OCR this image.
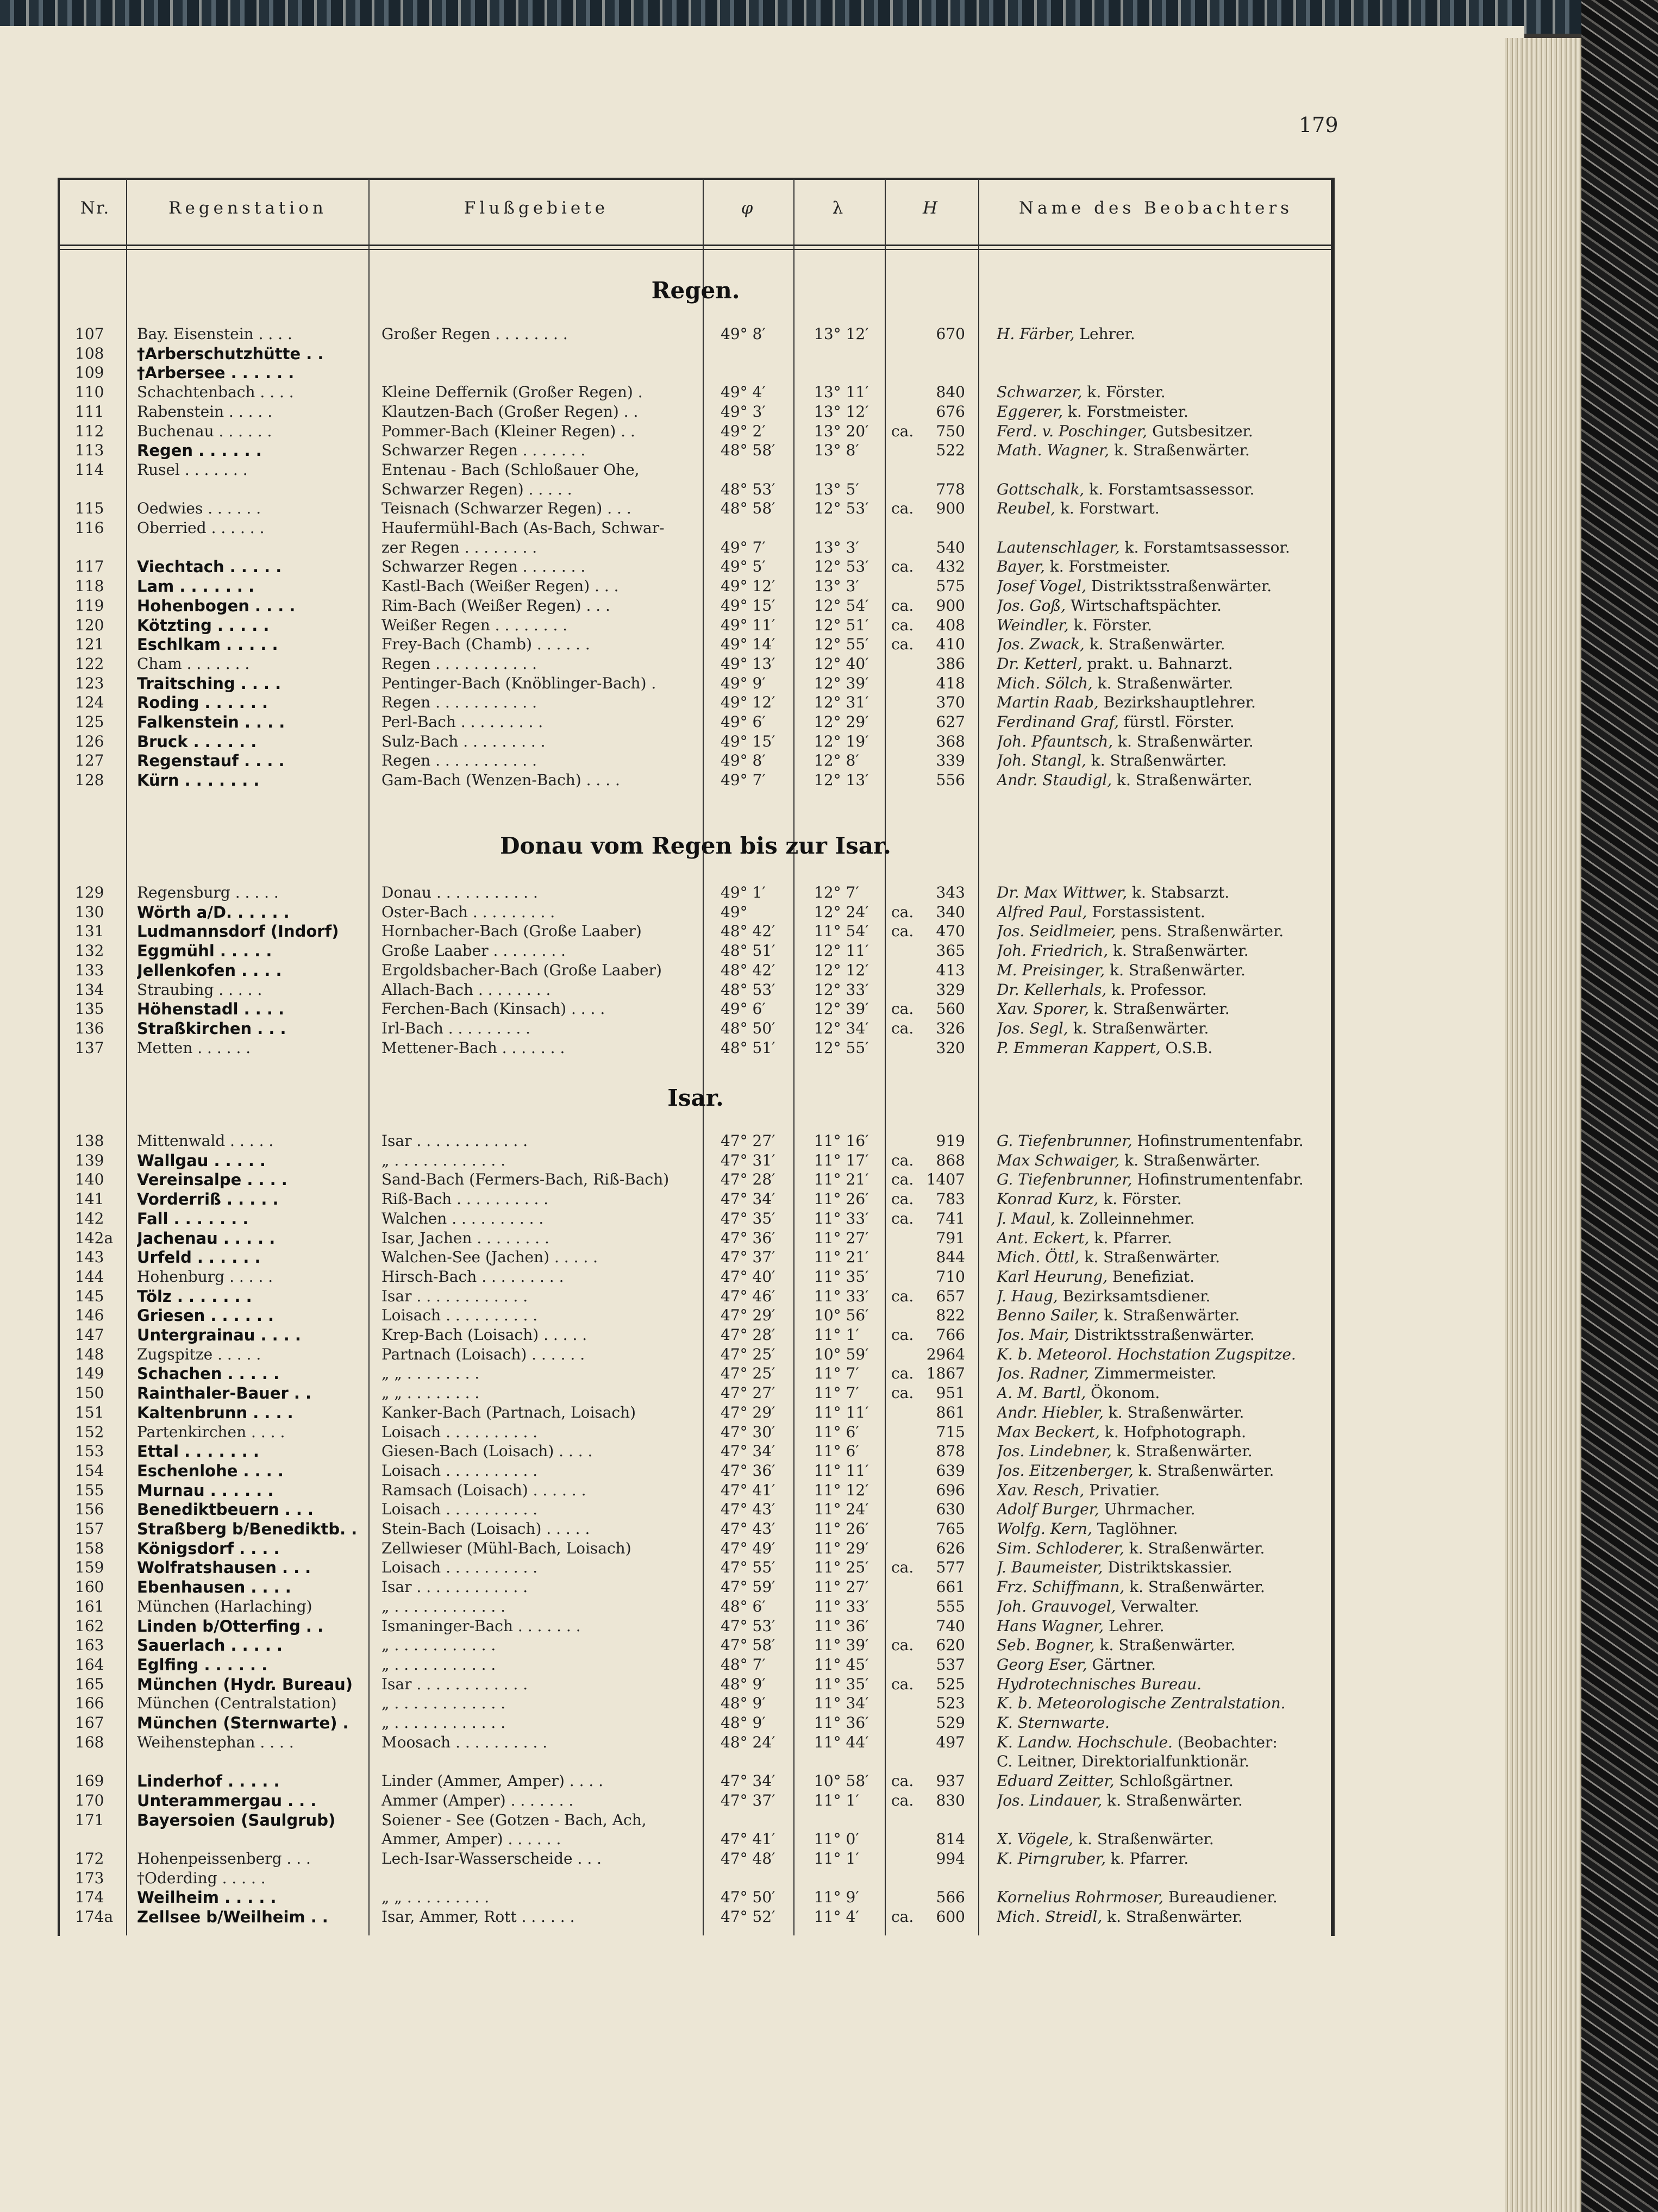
179
Nr.	Regenstation	Flußgebiete	φ	λ	H	Name des Beobachters
Regen.
107 Bay. Eisenstein . . . .	Großer Regen . . . . . . . .	49° 8′	13° 12′	670 H. Färber, Lehrer.
108 †Arberschutzhütte . .
109 †Arbersee . . . . . .
110 Schachtenbach . . . .	Kleine Deffernik (Großer Regen) .	49° 4′	13° 11′	840 Schwarzer, k. Förster.
111 Rabenstein . . . . .	Klautzen-Bach (Großer Regen) . .	49° 3′	13° 12′	676 Eggerer, k. Forstmeister.
112 Buchenau . . . . . .	Pommer-Bach (Kleiner Regen) . .	49° 2′	13° 20′	ca.	750 Ferd. v. Poschinger, Gutsbesitzer.
113 Regen . . . . . .	Schwarzer Regen . . . . . . .	48° 58′	13° 8′	522 Math. Wagner, k. Straßenwärter.
114 Rusel . . . . . . .	Entenau - Bach (Schloßauer Ohe,
Schwarzer Regen) . . . . .	48° 53′	13° 5′	778 Gottschalk, k. Forstamtsassessor.
115 Oedwies . . . . . .	Teisnach (Schwarzer Regen) . . .	48° 58′	12° 53′	ca.	900 Reubel, k. Forstwart.
116 Oberried . . . . . .	Haufermühl-Bach (As-Bach, Schwar-
zer Regen . . . . . . . .	49° 7′	13° 3′	540 Lautenschlager, k. Forstamtsassessor.
117 Viechtach . . . . .	Schwarzer Regen . . . . . . .	49° 5′	12° 53′	ca.	432 Bayer, k. Forstmeister.
118 Lam . . . . . . .	Kastl-Bach (Weißer Regen) . . .	49° 12′	13° 3′	575 Josef Vogel, Distriktsstraßenwärter.
119 Hohenbogen . . . .	Rim-Bach (Weißer Regen) . . .	49° 15′	12° 54′	ca.	900 Jos. Goß, Wirtschaftspächter.
120 Kötzting . . . . .	Weißer Regen . . . . . . . .	49° 11′	12° 51′	ca.	408 Weindler, k. Förster.
121 Eschlkam . . . . .	Frey-Bach (Chamb) . . . . . .	49° 14′	12° 55′	ca.	410 Jos. Zwack, k. Straßenwärter.
122 Cham . . . . . . .	Regen . . . . . . . . . . .	49° 13′	12° 40′	386 Dr. Ketterl, prakt. u. Bahnarzt.
123 Traitsching . . . .	Pentinger-Bach (Knöblinger-Bach) .	49° 9′	12° 39′	418 Mich. Sölch, k. Straßenwärter.
124 Roding . . . . . .	Regen . . . . . . . . . . .	49° 12′	12° 31′	370 Martin Raab, Bezirkshauptlehrer.
125 Falkenstein . . . .	Perl-Bach . . . . . . . . .	49° 6′	12° 29′	627 Ferdinand Graf, fürstl. Förster.
126 Bruck . . . . . .	Sulz-Bach . . . . . . . . .	49° 15′	12° 19′	368 Joh. Pfauntsch, k. Straßenwärter.
127 Regenstauf . . . .	Regen . . . . . . . . . . .	49° 8′	12° 8′	339 Joh. Stangl, k. Straßenwärter.
128 Kürn . . . . . . .	Gam-Bach (Wenzen-Bach) . . . .	49° 7′	12° 13′	556 Andr. Staudigl, k. Straßenwärter.
Donau vom Regen bis zur Isar.
129 Regensburg . . . . .	Donau . . . . . . . . . . .	49° 1′	12° 7′	343 Dr. Max Wittwer, k. Stabsarzt.
130 Wörth a/D. . . . . .	Oster-Bach . . . . . . . . .	49°	12° 24′	ca.	340 Alfred Paul, Forstassistent.
131 Ludmannsdorf (Indorf)	Hornbacher-Bach (Große Laaber)	48° 42′	11° 54′	ca.	470 Jos. Seidlmeier, pens. Straßenwärter.
132 Eggmühl . . . . .	Große Laaber . . . . . . . .	48° 51′	12° 11′	365 Joh. Friedrich, k. Straßenwärter.
133 Jellenkofen . . . .	Ergoldsbacher-Bach (Große Laaber)	48° 42′	12° 12′	413 M. Preisinger, k. Straßenwärter.
134 Straubing . . . . .	Allach-Bach . . . . . . . .	48° 53′	12° 33′	329 Dr. Kellerhals, k. Professor.
135 Höhenstadl . . . .	Ferchen-Bach (Kinsach) . . . .	49° 6′	12° 39′	ca.	560 Xav. Sporer, k. Straßenwärter.
136 Straßkirchen . . .	Irl-Bach . . . . . . . . .	48° 50′	12° 34′	ca.	326 Jos. Segl, k. Straßenwärter.
137 Metten . . . . . .	Mettener-Bach . . . . . . .	48° 51′	12° 55′	320 P. Emmeran Kappert, O.S.B.
Isar.
138 Mittenwald . . . . .	Isar . . . . . . . . . . . .	47° 27′	11° 16′	919 G. Tiefenbrunner, Hofinstrumentenfabr.
139 Wallgau . . . . .	„ . . . . . . . . . . . .	47° 31′	11° 17′	ca.	868 Max Schwaiger, k. Straßenwärter.
140 Vereinsalpe . . . .	Sand-Bach (Fermers-Bach, Riß-Bach)	47° 28′	11° 21′	ca. 1407 G. Tiefenbrunner, Hofinstrumentenfabr.
141 Vorderriß . . . . .	Riß-Bach . . . . . . . . . .	47° 34′	11° 26′	ca.	783 Konrad Kurz, k. Förster.
142 Fall . . . . . . .	Walchen . . . . . . . . . .	47° 35′	11° 33′	ca.	741 J. Maul, k. Zolleinnehmer.
142a Jachenau . . . . .	Isar, Jachen . . . . . . . .	47° 36′	11° 27′	791 Ant. Eckert, k. Pfarrer.
143 Urfeld . . . . . .	Walchen-See (Jachen) . . . . .	47° 37′	11° 21′	844 Mich. Öttl, k. Straßenwärter.
144 Hohenburg . . . . .	Hirsch-Bach . . . . . . . . .	47° 40′	11° 35′	710 Karl Heurung, Benefiziat.
145 Tölz . . . . . . .	Isar . . . . . . . . . . . .	47° 46′	11° 33′	ca.	657 J. Haug, Bezirksamtsdiener.
146 Griesen . . . . . .	Loisach . . . . . . . . . .	47° 29′	10° 56′	822 Benno Sailer, k. Straßenwärter.
147 Untergrainau . . . .	Krep-Bach (Loisach) . . . . .	47° 28′	11° 1′	ca.	766 Jos. Mair, Distriktsstraßenwärter.
148 Zugspitze . . . . .	Partnach (Loisach) . . . . . .	47° 25′	10° 59′	2964 K. b. Meteorol. Hochstation Zugspitze.
149 Schachen . . . . .	„ „ . . . . . . . .	47° 25′	11° 7′	ca. 1867 Jos. Radner, Zimmermeister.
150 Rainthaler-Bauer . .	„ „ . . . . . . . .	47° 27′	11° 7′	ca.	951 A. M. Bartl, Ökonom.
151 Kaltenbrunn . . . .	Kanker-Bach (Partnach, Loisach)	47° 29′	11° 11′	861 Andr. Hiebler, k. Straßenwärter.
152 Partenkirchen . . . .	Loisach . . . . . . . . . .	47° 30′	11° 6′	715 Max Beckert, k. Hofphotograph.
153 Ettal . . . . . . .	Giesen-Bach (Loisach) . . . .	47° 34′	11° 6′	878 Jos. Lindebner, k. Straßenwärter.
154 Eschenlohe . . . .	Loisach . . . . . . . . . .	47° 36′	11° 11′	639 Jos. Eitzenberger, k. Straßenwärter.
155 Murnau . . . . . .	Ramsach (Loisach) . . . . . .	47° 41′	11° 12′	696 Xav. Resch, Privatier.
156 Benediktbeuern . . .	Loisach . . . . . . . . . .	47° 43′	11° 24′	630 Adolf Burger, Uhrmacher.
157 Straßberg b/Benediktb. .	Stein-Bach (Loisach) . . . . .	47° 43′	11° 26′	765 Wolfg. Kern, Taglöhner.
158 Königsdorf . . . .	Zellwieser (Mühl-Bach, Loisach)	47° 49′	11° 29′	626 Sim. Schloderer, k. Straßenwärter.
159 Wolfratshausen . . .	Loisach . . . . . . . . . .	47° 55′	11° 25′	ca.	577 J. Baumeister, Distriktskassier.
160 Ebenhausen . . . .	Isar . . . . . . . . . . . .	47° 59′	11° 27′	661 Frz. Schiffmann, k. Straßenwärter.
161 München (Harlaching)	„ . . . . . . . . . . . .	48° 6′	11° 33′	555 Joh. Grauvogel, Verwalter.
162 Linden b/Otterfing . .	Ismaninger-Bach . . . . . . .	47° 53′	11° 36′	740 Hans Wagner, Lehrer.
163 Sauerlach . . . . .	„ . . . . . . . . . . .	47° 58′	11° 39′	ca.	620 Seb. Bogner, k. Straßenwärter.
164 Eglfing . . . . . .	„ . . . . . . . . . . .	48° 7′	11° 45′	537 Georg Eser, Gärtner.
165 München (Hydr. Bureau)	Isar . . . . . . . . . . . .	48° 9′	11° 35′	ca.	525 Hydrotechnisches Bureau.
166 München (Centralstation)	„ . . . . . . . . . . . .	48° 9′	11° 34′	523 K. b. Meteorologische Zentralstation.
167 München (Sternwarte) .	„ . . . . . . . . . . . .	48° 9′	11° 36′	529 K. Sternwarte.
168 Weihenstephan . . . .	Moosach . . . . . . . . . .	48° 24′	11° 44′	497 K. Landw. Hochschule. (Beobachter:
C. Leitner, Direktorialfunktionär.
169 Linderhof . . . . .	Linder (Ammer, Amper) . . . .	47° 34′	10° 58′	ca.	937 Eduard Zeitter, Schloßgärtner.
170 Unterammergau . . .	Ammer (Amper) . . . . . . .	47° 37′	11° 1′	ca.	830 Jos. Lindauer, k. Straßenwärter.
171 Bayersoien (Saulgrub)	Soiener - See (Gotzen - Bach, Ach,
Ammer, Amper) . . . . . .	47° 41′	11° 0′	814 X. Vögele, k. Straßenwärter.
172 Hohenpeissenberg . . .	Lech-Isar-Wasserscheide . . .	47° 48′	11° 1′	994 K. Pirngruber, k. Pfarrer.
173 †Oderding . . . . .
174 Weilheim . . . . .	„ „ . . . . . . . . .	47° 50′	11° 9′	566 Kornelius Rohrmoser, Bureaudiener.
174a Zellsee b/Weilheim . .	Isar, Ammer, Rott . . . . . .	47° 52′	11° 4′	ca.	600 Mich. Streidl, k. Straßenwärter.
